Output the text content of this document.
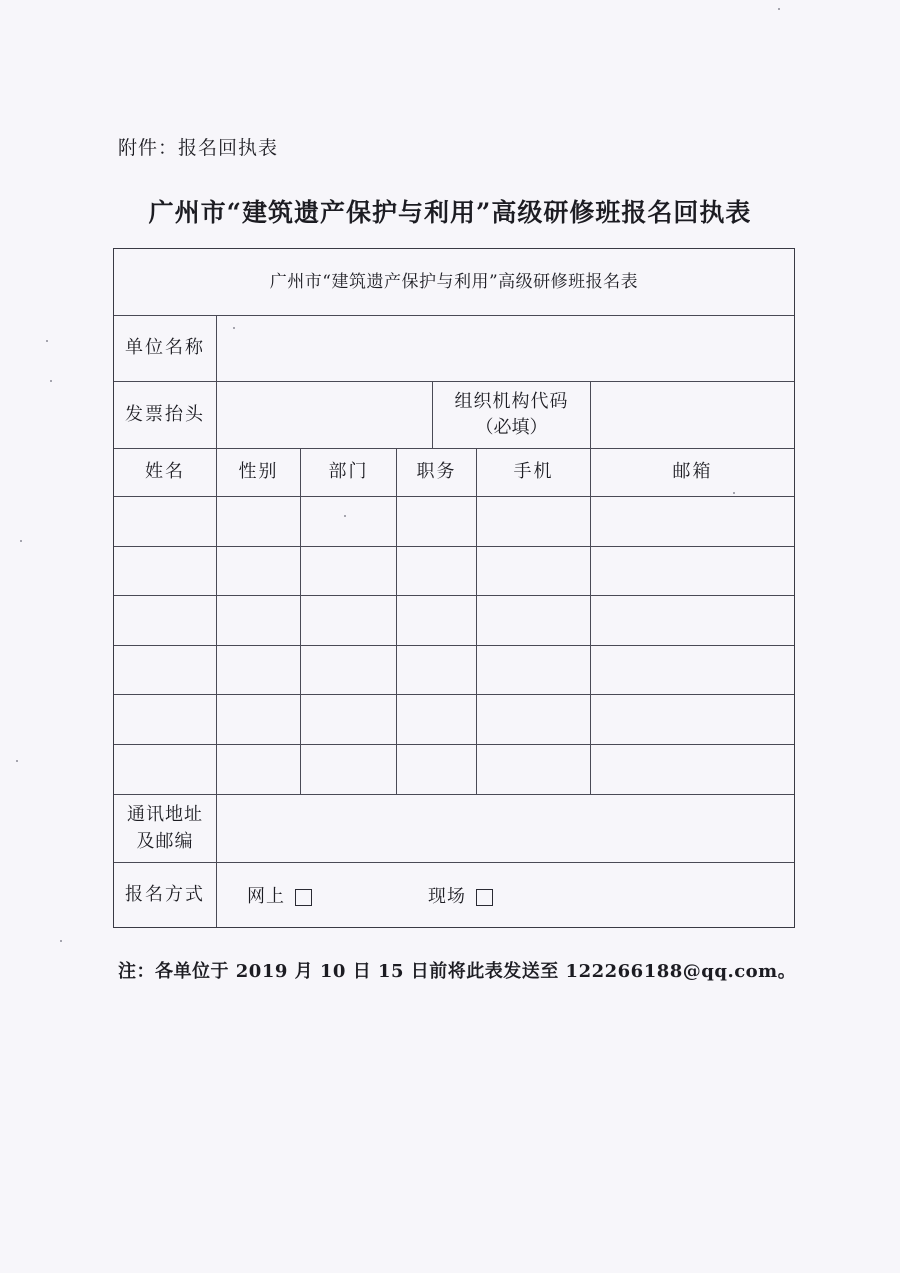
附件：报名回执表
广州市“建筑遗产保护与利用”高级研修班报名回执表
广州市“建筑遗产保护与利用”高级研修班报名表
单位名称
发票抬头
组织机构代码
（必填）
姓名	性别	部门	职务	手机	邮箱
通讯地址
及邮编
报名方式 网上	现场
注：各单位于 2019 月 10 日 15 日前将此表发送至 122266188@qq.com。
